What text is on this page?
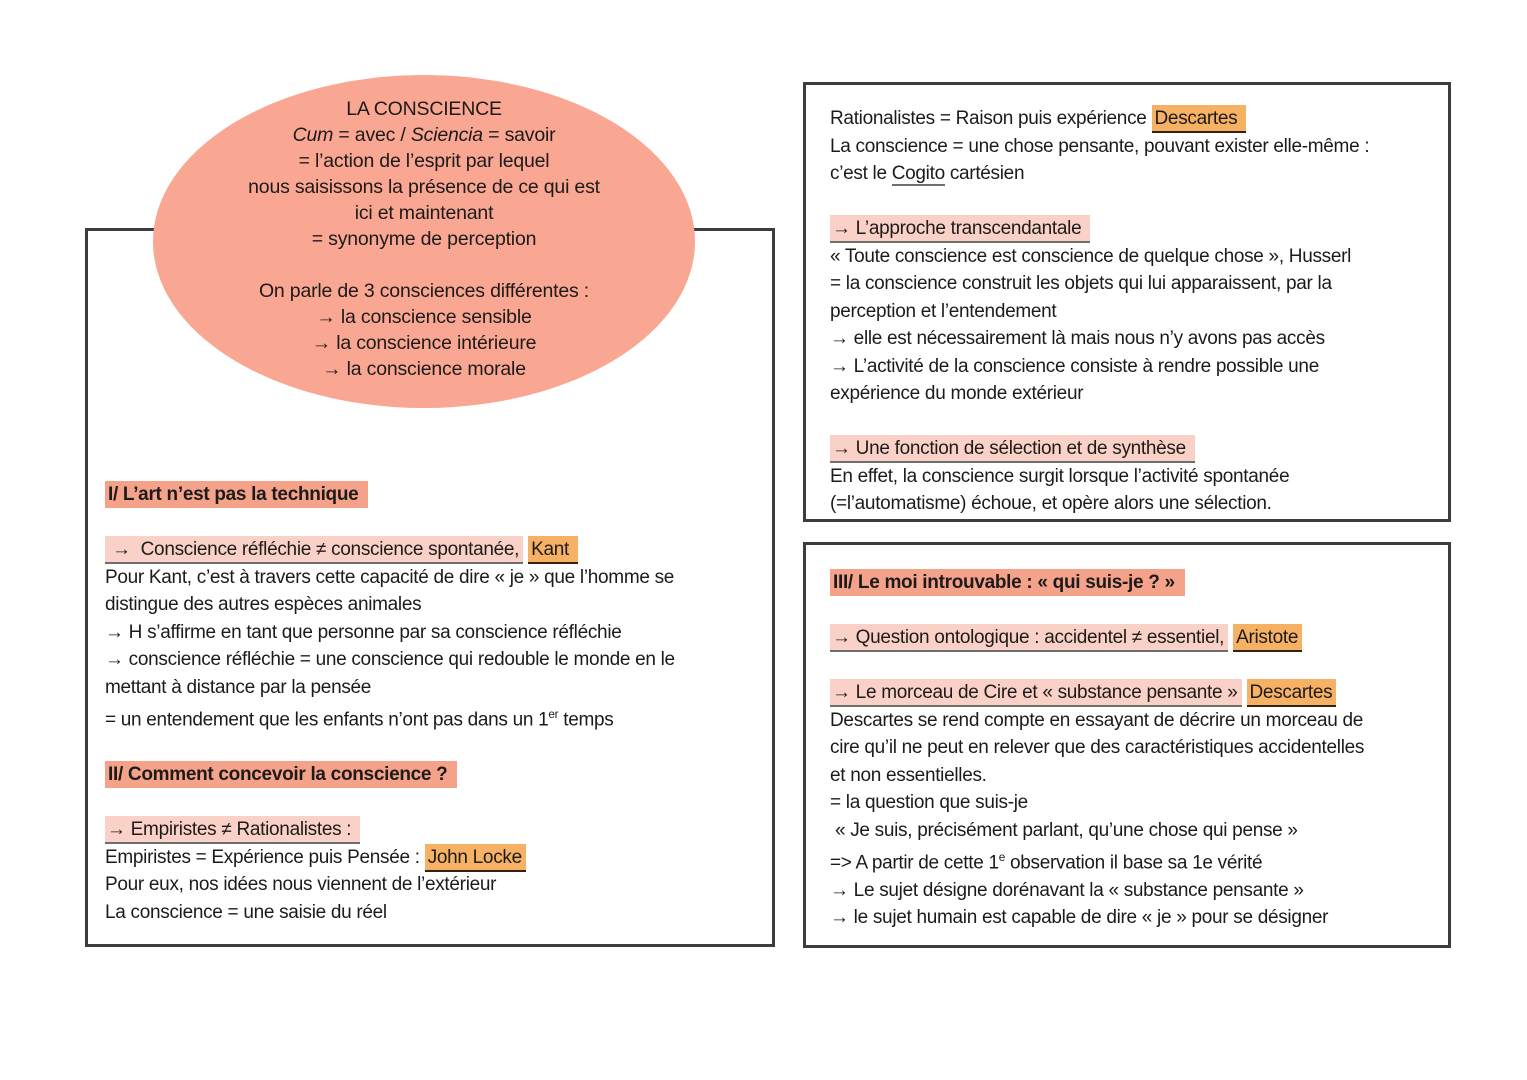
I/ L’art n’est pas la technique

→  Conscience réfléchie ≠ conscience spontanée, Kant
Pour Kant, c’est à travers cette capacité de dire « je » que l’homme se
distingue des autres espèces animales
→ H s’affirme en tant que personne par sa conscience réfléchie
→ conscience réfléchie = une conscience qui redouble le monde en le
mettant à distance par la pensée
= un entendement que les enfants n’ont pas dans un 1er temps

II/ Comment concevoir la conscience ?

→ Empiristes ≠ Rationalistes :
Empiristes = Expérience puis Pensée : John Locke
Pour eux, nos idées nous viennent de l’extérieur
La conscience = une saisie du réel
Rationalistes = Raison puis expérience Descartes
La conscience = une chose pensante, pouvant exister elle-même :
c’est le Cogito cartésien

→ L’approche transcendantale
« Toute conscience est conscience de quelque chose », Husserl
= la conscience construit les objets qui lui apparaissent, par la
perception et l’entendement
→ elle est nécessairement là mais nous n’y avons pas accès
→ L’activité de la conscience consiste à rendre possible une
expérience du monde extérieur

→ Une fonction de sélection et de synthèse
En effet, la conscience surgit lorsque l’activité spontanée
(=l’automatisme) échoue, et opère alors une sélection.
III/ Le moi introuvable : « qui suis-je ? »

→ Question ontologique : accidentel ≠ essentiel, Aristote

→ Le morceau de Cire et « substance pensante » Descartes
Descartes se rend compte en essayant de décrire un morceau de
cire qu’il ne peut en relever que des caractéristiques accidentelles
et non essentielles.
= la question que suis-je
« Je suis, précisément parlant, qu’une chose qui pense »
=> A partir de cette 1e observation il base sa 1e vérité
→ Le sujet désigne dorénavant la « substance pensante »
→ le sujet humain est capable de dire « je » pour se désigner
LA CONSCIENCE
Cum = avec / Sciencia = savoir
= l’action de l’esprit par lequel
nous saisissons la présence de ce qui est
ici et maintenant
= synonyme de perception

On parle de 3 consciences différentes :
→ la conscience sensible
→ la conscience intérieure
→ la conscience morale
